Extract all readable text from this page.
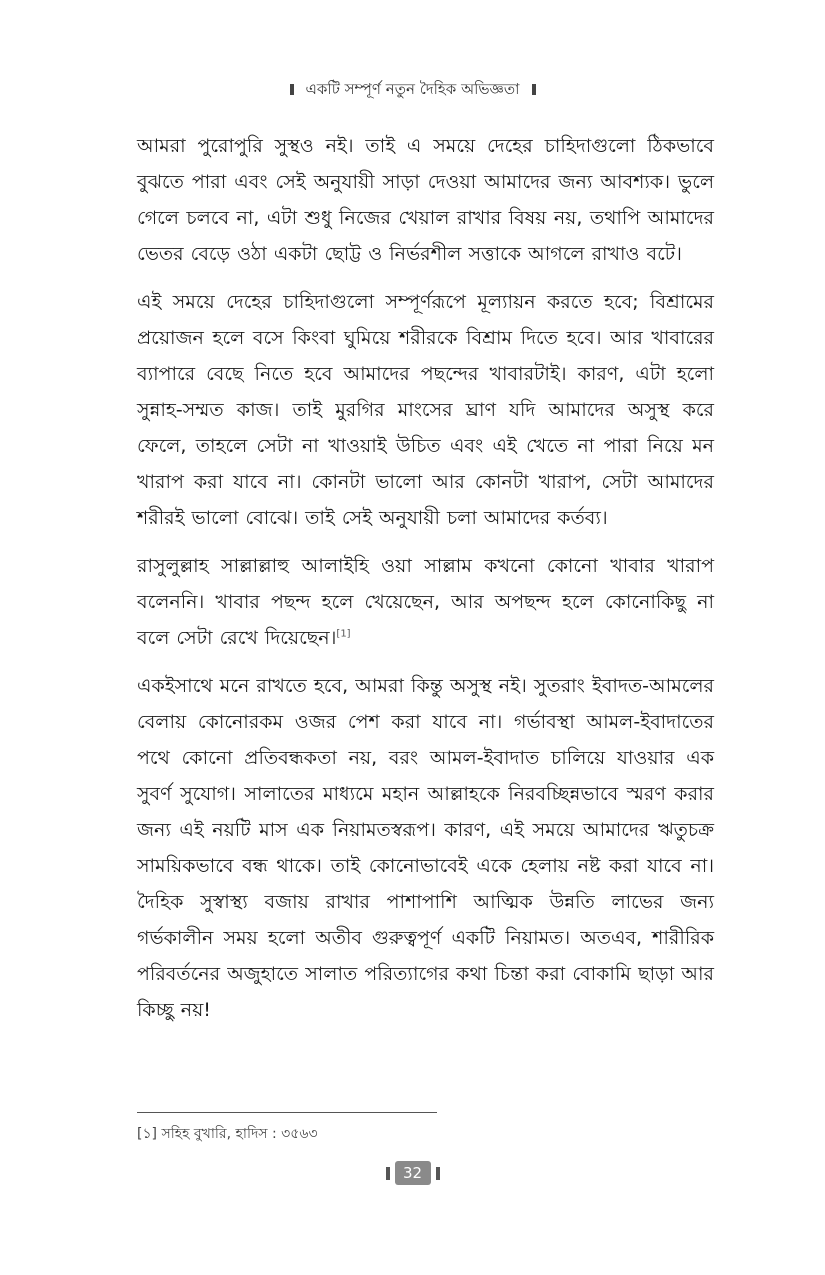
একটি সম্পূর্ণ নতুন দৈহিক অভিজ্ঞতা

আমরা পুরোপুরি সুস্থও নই। তাই এ সময়ে দেহের চাহিদাগুলো ঠিকভাবে বুঝতে পারা এবং সেই অনুযায়ী সাড়া দেওয়া আমাদের জন্য আবশ্যক। ভুলে গেলে চলবে না, এটা শুধু নিজের খেয়াল রাখার বিষয় নয়, তথাপি আমাদের ভেতর বেড়ে ওঠা একটা ছোট্ট ও নির্ভরশীল সত্তাকে আগলে রাখাও বটে।

এই সময়ে দেহের চাহিদাগুলো সম্পূর্ণরূপে মূল্যায়ন করতে হবে; বিশ্রামের প্রয়োজন হলে বসে কিংবা ঘুমিয়ে শরীরকে বিশ্রাম দিতে হবে। আর খাবারের ব্যাপারে বেছে নিতে হবে আমাদের পছন্দের খাবারটাই। কারণ, এটা হলো সুন্নাহ-সম্মত কাজ। তাই মুরগির মাংসের ঘ্রাণ যদি আমাদের অসুস্থ করে ফেলে, তাহলে সেটা না খাওয়াই উচিত এবং এই খেতে না পারা নিয়ে মন খারাপ করা যাবে না। কোনটা ভালো আর কোনটা খারাপ, সেটা আমাদের শরীরই ভালো বোঝে। তাই সেই অনুযায়ী চলা আমাদের কর্তব্য।

রাসুলুল্লাহ সাল্লাল্লাহু আলাইহি ওয়া সাল্লাম কখনো কোনো খাবার খারাপ বলেননি। খাবার পছন্দ হলে খেয়েছেন, আর অপছন্দ হলে কোনোকিছু না বলে সেটা রেখে দিয়েছেন।[1]

একইসাথে মনে রাখতে হবে, আমরা কিন্তু অসুস্থ নই। সুতরাং ইবাদত-আমলের বেলায় কোনোরকম ওজর পেশ করা যাবে না। গর্ভাবস্থা আমল-ইবাদাতের পথে কোনো প্রতিবন্ধকতা নয়, বরং আমল-ইবাদাত চালিয়ে যাওয়ার এক সুবর্ণ সুযোগ। সালাতের মাধ্যমে মহান আল্লাহকে নিরবচ্ছিন্নভাবে স্মরণ করার জন্য এই নয়টি মাস এক নিয়ামতস্বরূপ। কারণ, এই সময়ে আমাদের ঋতুচক্র সাময়িকভাবে বন্ধ থাকে। তাই কোনোভাবেই একে হেলায় নষ্ট করা যাবে না। দৈহিক সুস্বাস্থ্য বজায় রাখার পাশাপাশি আত্মিক উন্নতি লাভের জন্য গর্ভকালীন সময় হলো অতীব গুরুত্বপূর্ণ একটি নিয়ামত। অতএব, শারীরিক পরিবর্তনের অজুহাতে সালাত পরিত্যাগের কথা চিন্তা করা বোকামি ছাড়া আর কিচ্ছু নয়!

[১] সহিহ বুখারি, হাদিস : ৩৫৬৩
32
